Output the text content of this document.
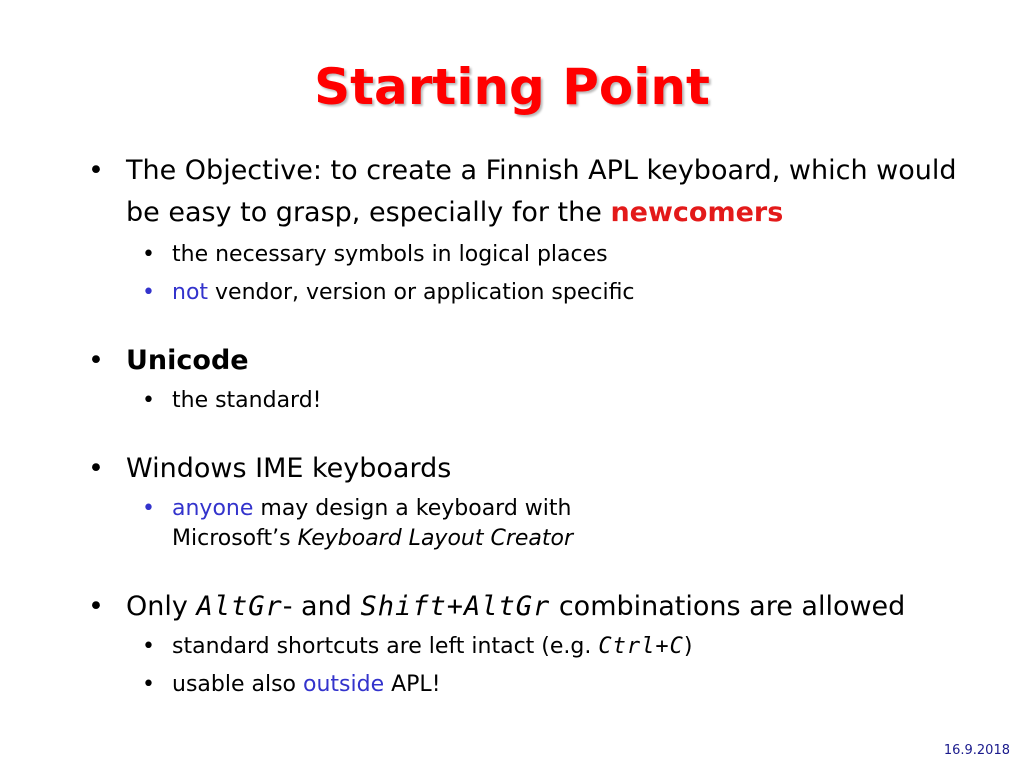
Starting Point
• The Objective: to create a Finnish APL keyboard, which would be easy to grasp, especially for the newcomers
• the necessary symbols in logical places
• not vendor, version or application specific
• Unicode
• the standard!
• Windows IME keyboards
• anyone may design a keyboard with
Microsoft’s Keyboard Layout Creator
• Only AltGr- and Shift+AltGr combinations are allowed
• standard shortcuts are left intact (e.g. Ctrl+C)
• usable also outside APL!
16.9.2018
